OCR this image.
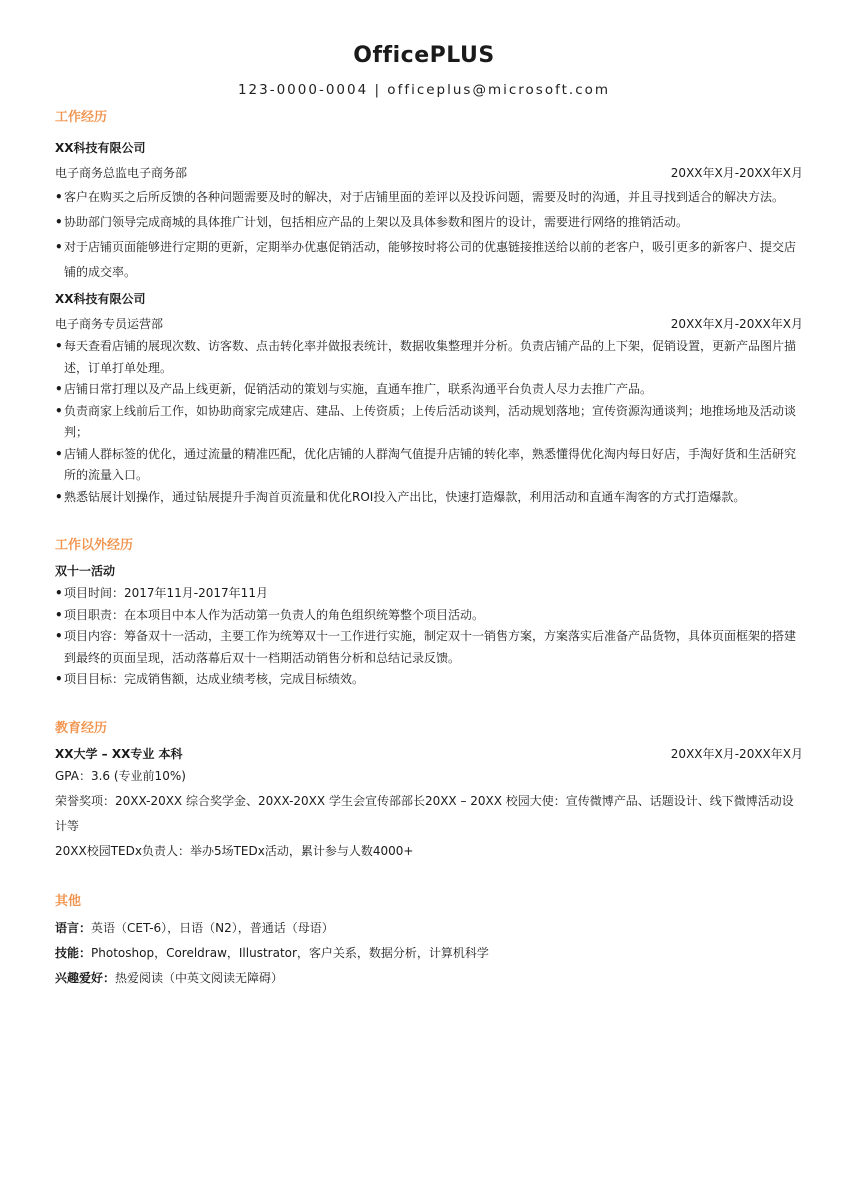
OfficePLUS
123-0000-0004 | officeplus@microsoft.com
工作经历
XX科技有限公司
电子商务总监电子商务部	20XX年X月-20XX年X月
• 客户在购买之后所反馈的各种问题需要及时的解决，对于店铺里面的差评以及投诉问题，需要及时的沟通，并且寻找到适合的解决方法。
• 协助部门领导完成商城的具体推广计划，包括相应产品的上架以及具体参数和图片的设计，需要进行网络的推销活动。
• 对于店铺页面能够进行定期的更新，定期举办优惠促销活动，能够按时将公司的优惠链接推送给以前的老客户，吸引更多的新客户、提交店铺的成交率。
XX科技有限公司
电子商务专员运营部	20XX年X月-20XX年X月
• 每天查看店铺的展现次数、访客数、点击转化率并做报表统计，数据收集整理并分析。负责店铺产品的上下架，促销设置，更新产品图片描述，订单打单处理。
• 店铺日常打理以及产品上线更新，促销活动的策划与实施，直通车推广，联系沟通平台负责人尽力去推广产品。
• 负责商家上线前后工作，如协助商家完成建店、建品、上传资质；上传后活动谈判，活动规划落地；宣传资源沟通谈判；地推场地及活动谈判；
• 店铺人群标签的优化，通过流量的精准匹配，优化店铺的人群淘气值提升店铺的转化率，熟悉懂得优化淘内每日好店，手淘好货和生活研究所的流量入口。
• 熟悉钻展计划操作，通过钻展提升手淘首页流量和优化ROI投入产出比，快速打造爆款，利用活动和直通车淘客的方式打造爆款。
工作以外经历
双十一活动
• 项目时间：2017年11月-2017年11月
• 项目职责：在本项目中本人作为活动第一负责人的角色组织统筹整个项目活动。
• 项目内容：筹备双十一活动，主要工作为统筹双十一工作进行实施，制定双十一销售方案，方案落实后准备产品货物，具体页面框架的搭建到最终的页面呈现，活动落幕后双十一档期活动销售分析和总结记录反馈。
• 项目目标：完成销售额，达成业绩考核，完成目标绩效。
教育经历
XX大学 – XX专业 本科	20XX年X月-20XX年X月
GPA：3.6 (专业前10%)
荣誉奖项：20XX-20XX 综合奖学金、20XX-20XX 学生会宣传部部长20XX – 20XX 校园大使：宣传微博产品、话题设计、线下微博活动设计等
20XX校园TEDx负责人：举办5场TEDx活动，累计参与人数4000+
其他
语言：英语（CET-6），日语（N2），普通话（母语）
技能：Photoshop，Coreldraw，Illustrator，客户关系，数据分析，计算机科学
兴趣爱好：热爱阅读（中英文阅读无障碍）
